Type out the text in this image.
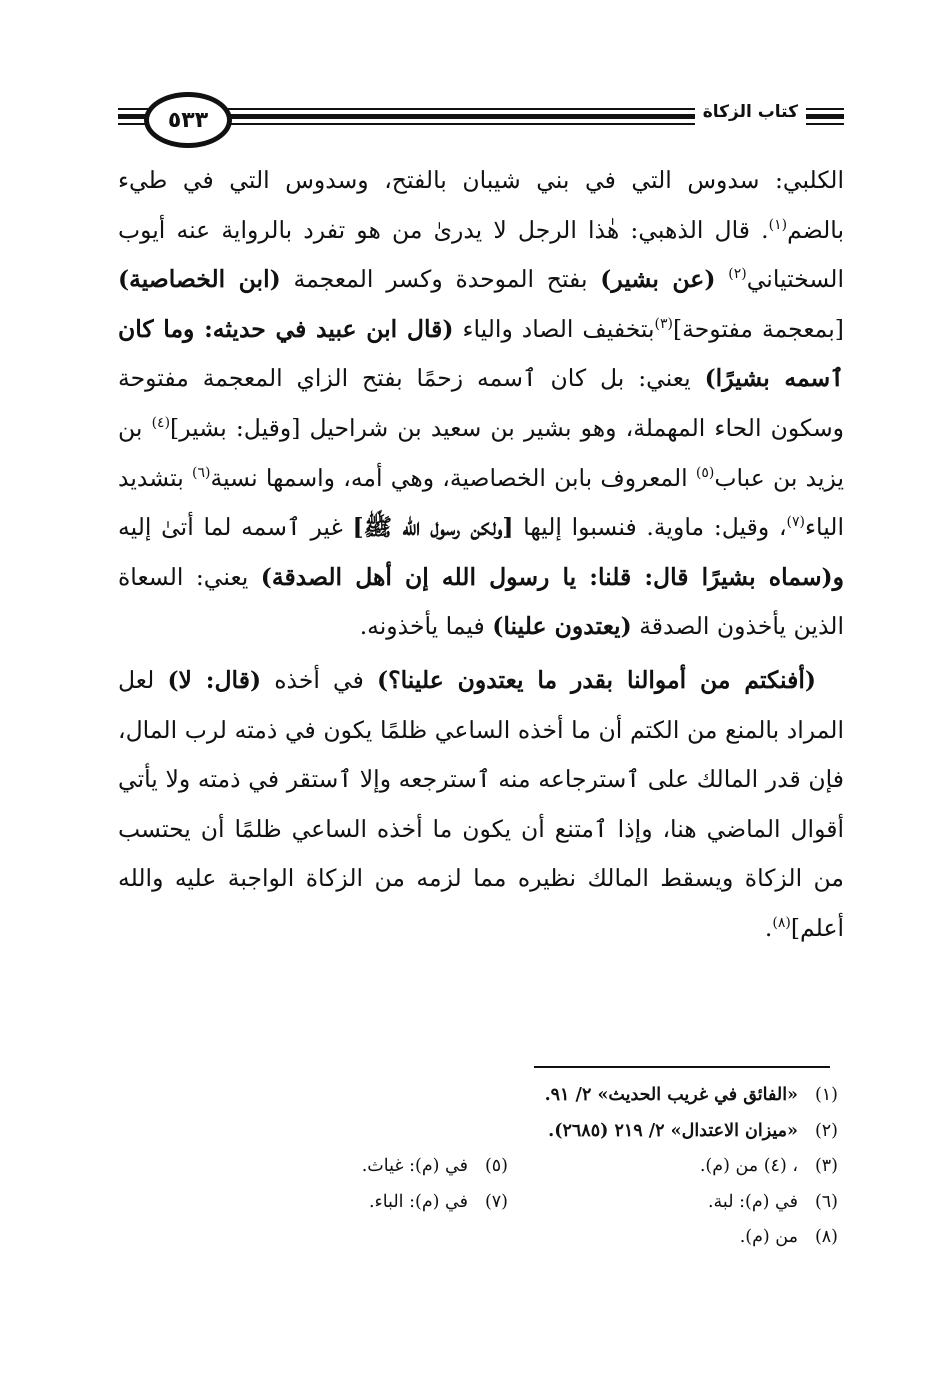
٥٣٣	كتاب الزكاة

الكلبي: سدوس التي في بني شيبان بالفتح، وسدوس التي في طيء بالضم$^{(١)}$. قال الذهبي: هٰذا الرجل لا يدرىٰ من هو تفرد بالرواية عنه أيوب السختياني$^{(٢)}$ (عن بشير) بفتح الموحدة وكسر المعجمة (ابن الخصاصية) [بمعجمة مفتوحة]$^{(٣)}$بتخفيف الصاد والياء (قال ابن عبيد في حديثه: وما كان ٱسمه بشيرًا) يعني: بل كان ٱسمه زحمًا بفتح الزاي المعجمة مفتوحة وسكون الحاء المهملة، وهو بشير بن سعيد بن شراحيل [وقيل: بشير]$^{(٤)}$ بن يزيد بن عباب$^{(٥)}$ المعروف بابن الخصاصية، وهي أمه، واسمها نسية$^{(٦)}$ بتشديد الياء$^{(٧)}$، وقيل: ماوية. فنسبوا إليها [ولكن رسول الله ﷺ] غير ٱسمه لما أتىٰ إليه و(سماه بشيرًا قال: قلنا: يا رسول الله إن أهل الصدقة) يعني: السعاة الذين يأخذون الصدقة (يعتدون علينا) فيما يأخذونه.

(أفنكتم من أموالنا بقدر ما يعتدون علينا؟) في أخذه (قال: لا) لعل المراد بالمنع من الكتم أن ما أخذه الساعي ظلمًا يكون في ذمته لرب المال، فإن قدر المالك على ٱسترجاعه منه ٱسترجعه وإلا ٱستقر في ذمته ولا يأتي أقوال الماضي هنا، وإذا ٱمتنع أن يكون ما أخذه الساعي ظلمًا أن يحتسب من الزكاة ويسقط المالك نظيره مما لزمه من الزكاة الواجبة عليه والله أعلم]$^{(٨)}$.

(١)
«الفائق في غريب الحديث» ٢/ ٩١.
(٢)
«ميزان الاعتدال» ٢/ ٢١٩ (٢٦٨٥).
(٣)، (٤) من (م).
(٥)في (م): غياث.
(٦)في (م): لبة.
(٧)في (م): الباء.
(٨)
من (م).
